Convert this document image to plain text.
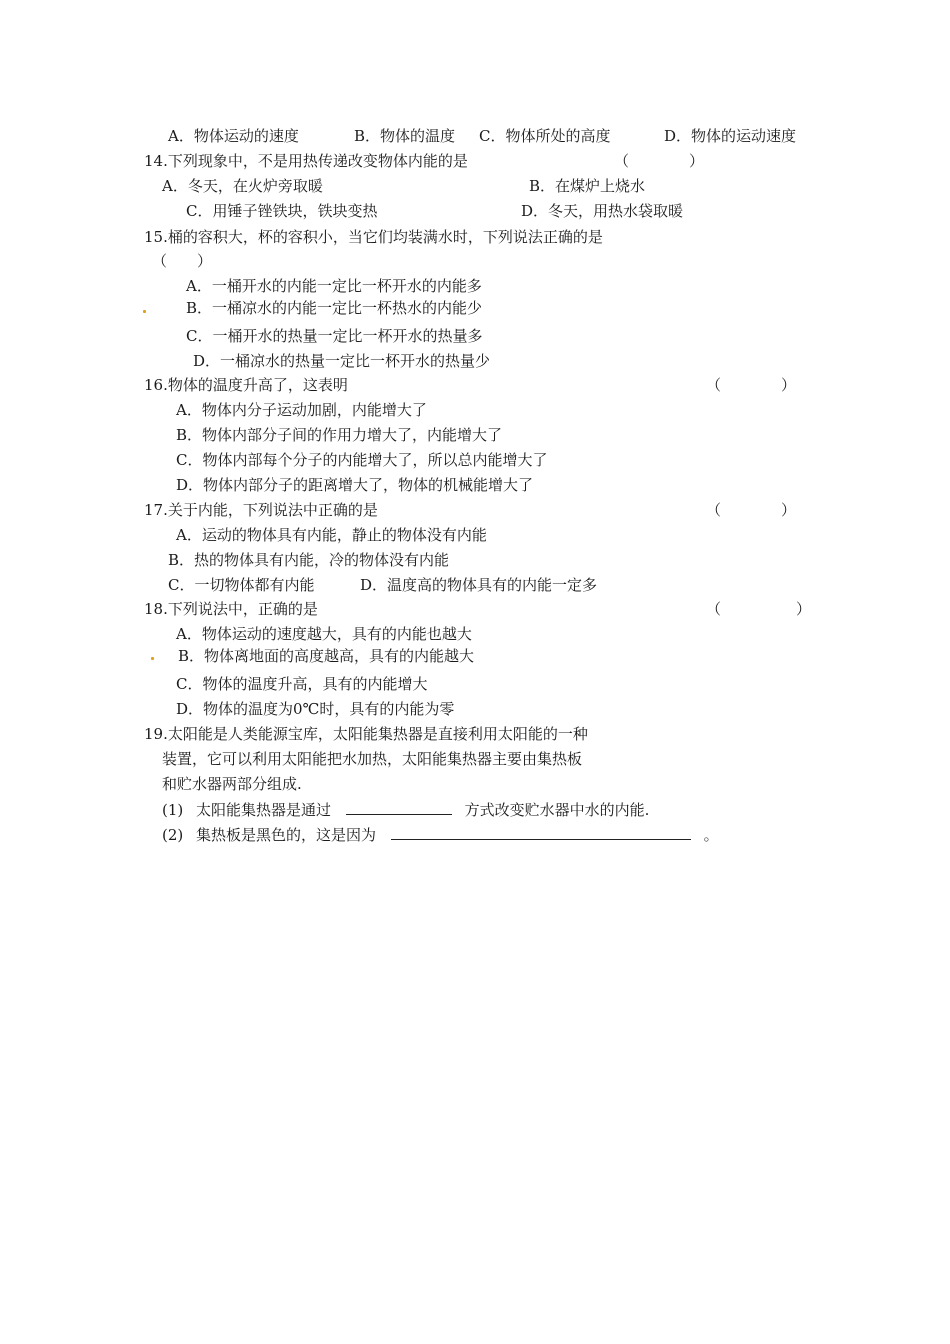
A．物体运动的速度	B．物体的温度 C．物体所处的高度	D．物体的运动速度
14.下列现象中，不是用热传递改变物体内能的是	（　　　　）
A．冬天，在火炉旁取暖	B．在煤炉上烧水
C．用锤子锉铁块，铁块变热	D．冬天，用热水袋取暖
15.桶的容积大，杯的容积小，当它们均装满水时，下列说法正确的是
（　　）
A．一桶开水的内能一定比一杯开水的内能多
B．一桶凉水的内能一定比一杯热水的内能少
C．一桶开水的热量一定比一杯开水的热量多
D．一桶凉水的热量一定比一杯开水的热量少
16.物体的温度升高了，这表明	（　　　　）
A．物体内分子运动加剧，内能增大了
B．物体内部分子间的作用力增大了，内能增大了
C．物体内部每个分子的内能增大了，所以总内能增大了
D．物体内部分子的距离增大了，物体的机械能增大了
17.关于内能，下列说法中正确的是	（　　　　）
A．运动的物体具有内能，静止的物体没有内能
B．热的物体具有内能，冷的物体没有内能
C．一切物体都有内能	D．温度高的物体具有的内能一定多
18.下列说法中，正确的是	（　　　　　）
A．物体运动的速度越大，具有的内能也越大
B．物体离地面的高度越高，具有的内能越大
C．物体的温度升高，具有的内能增大
D．物体的温度为0℃时，具有的内能为零
19.太阳能是人类能源宝库，太阳能集热器是直接利用太阳能的一种
装置，它可以利用太阳能把水加热，太阳能集热器主要由集热板
和贮水器两部分组成.
(1) 太阳能集热器是通过	方式改变贮水器中水的内能.
(2) 集热板是黑色的，这是因为	。
